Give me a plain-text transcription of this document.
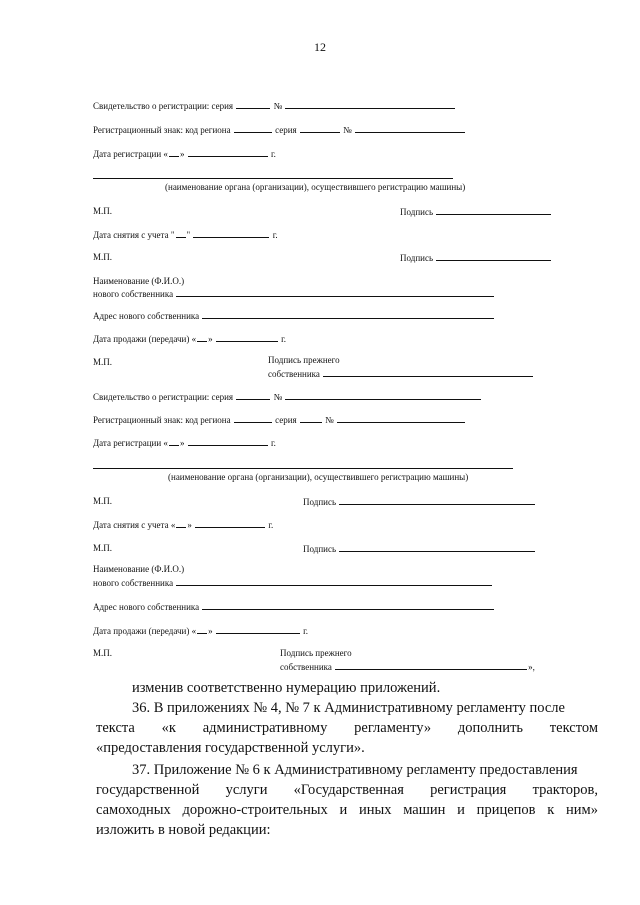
12
Свидетельство о регистрации: серия	№
Регистрационный знак: код региона	серия	№
Дата регистрации « »	г.
(наименование органа (организации), осуществившего регистрацию машины)
М.П.	Подпись
Дата снятия с учета " "	г.
М.П.	Подпись
Наименование (Ф.И.О.)
нового собственника
Адрес нового собственника
Дата продажи (передачи) « »	г.
М.П.	Подпись прежнего
собственника
Свидетельство о регистрации: серия	№
Регистрационный знак: код региона	серия	№
Дата регистрации « »	г.
(наименование органа (организации), осуществившего регистрацию машины)
М.П.	Подпись
Дата снятия с учета « »	г.
М.П.	Подпись
Наименование (Ф.И.О.)
нового собственника
Адрес нового собственника
Дата продажи (передачи) « »	г.
М.П.	Подпись прежнего
собственника	»,
изменив соответственно нумерацию приложений.
36. В приложениях № 4, № 7 к Административному регламенту после
текста «к административному регламенту» дополнить текстом
«предоставления государственной услуги».
37. Приложение № 6 к Административному регламенту предоставления
государственной услуги «Государственная регистрация тракторов,
самоходных дорожно-строительных и иных машин и прицепов к ним»
изложить в новой редакции:
